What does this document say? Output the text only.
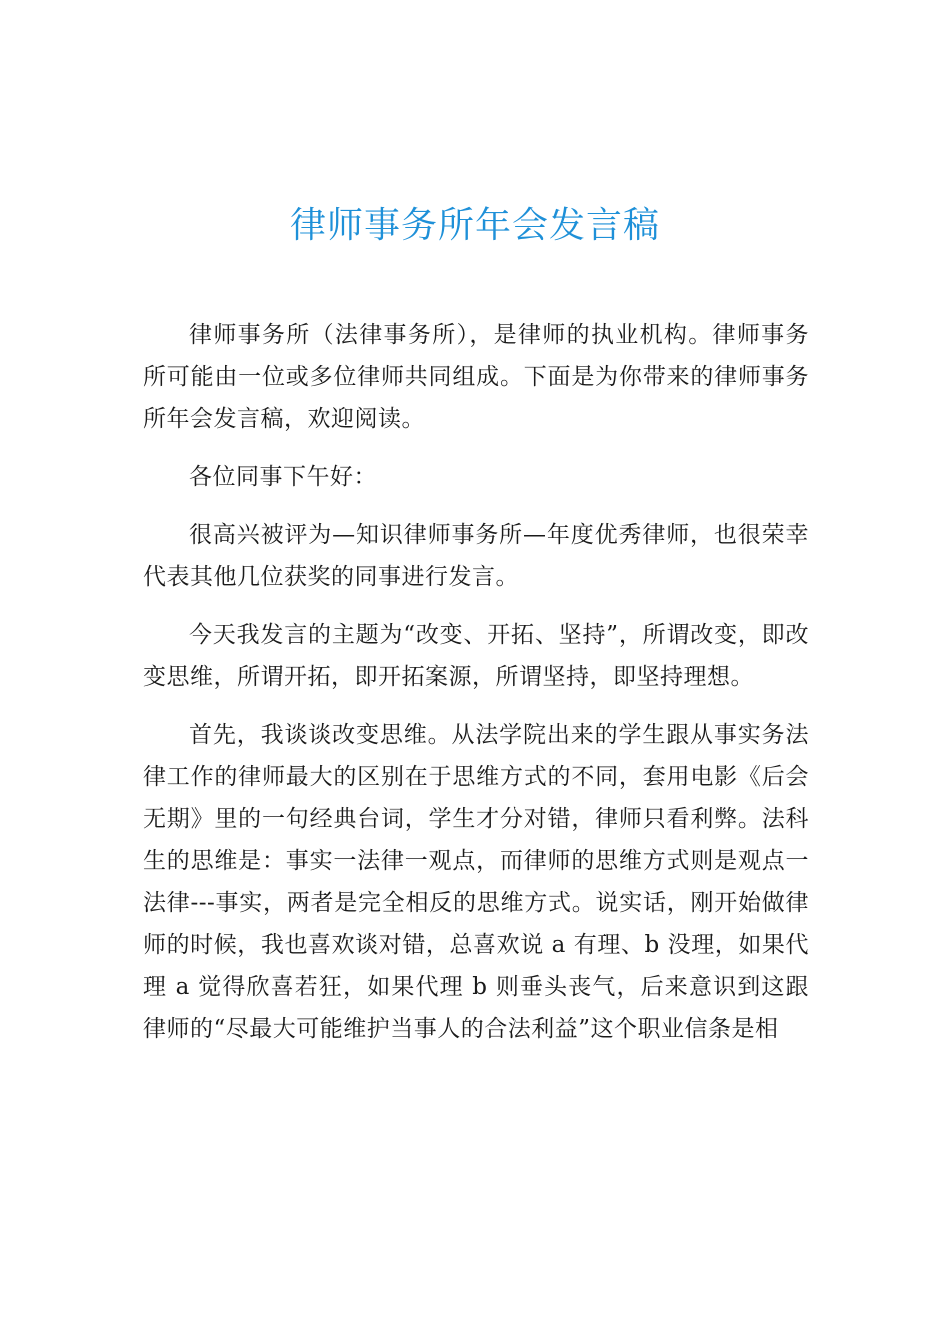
律师事务所年会发言稿

律师事务所（法律事务所），是律师的执业机构。律师事务所可能由一位或多位律师共同组成。下面是为你带来的律师事务所年会发言稿，欢迎阅读。

各位同事下午好：

很高兴被评为—知识律师事务所—年度优秀律师，也很荣幸代表其他几位获奖的同事进行发言。

今天我发言的主题为“改变、开拓、坚持”，所谓改变，即改变思维，所谓开拓，即开拓案源，所谓坚持，即坚持理想。

首先，我谈谈改变思维。从法学院出来的学生跟从事实务法律工作的律师最大的区别在于思维方式的不同，套用电影《后会无期》里的一句经典台词，学生才分对错，律师只看利弊。法科生的思维是：事实一法律一观点，而律师的思维方式则是观点一法律---事实，两者是完全相反的思维方式。说实话，刚开始做律师的时候，我也喜欢谈对错，总喜欢说 a 有理、b 没理，如果代理 a 觉得欣喜若狂，如果代理 b 则垂头丧气，后来意识到这跟律师的“尽最大可能维护当事人的合法利益”这个职业信条是相
